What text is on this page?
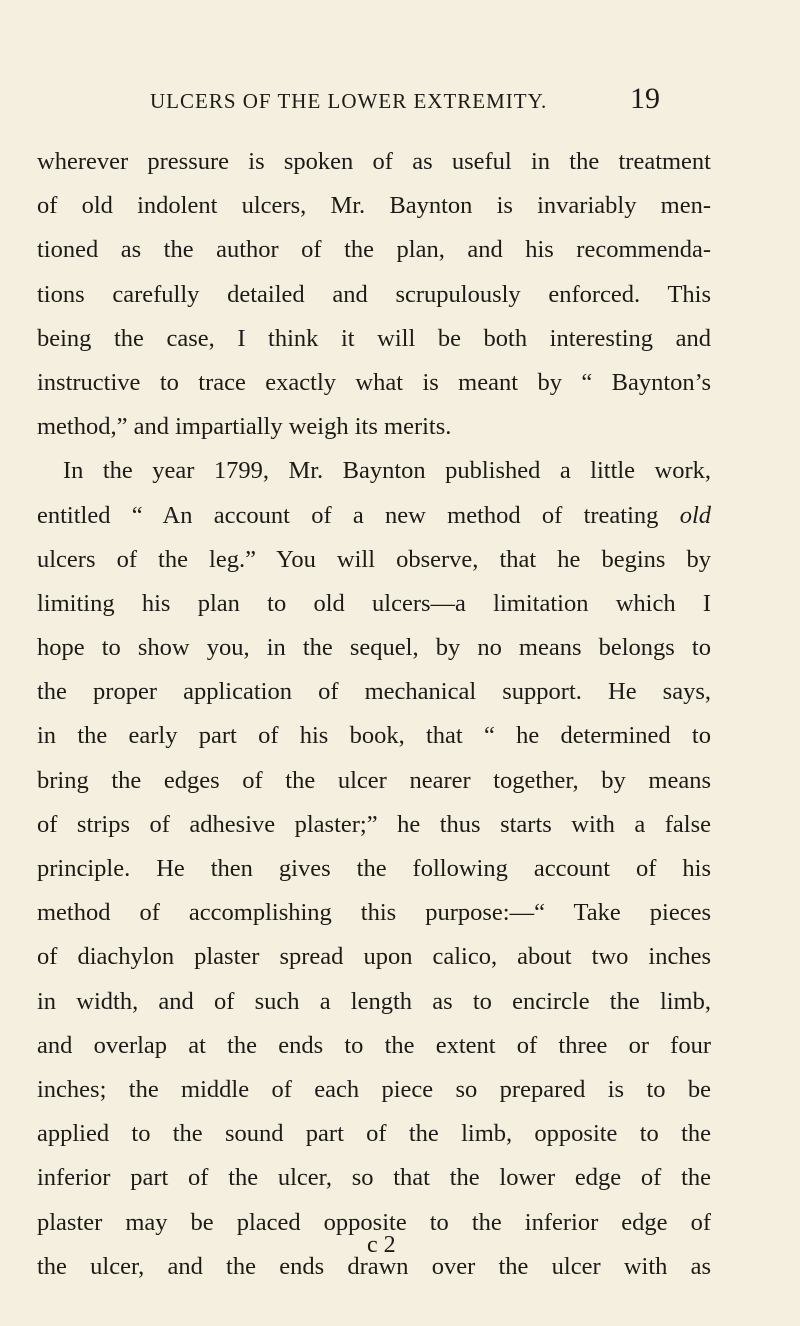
ULCERS OF THE LOWER EXTREMITY.	19
wherever pressure is spoken of as useful in the treatment
of old indolent ulcers, Mr. Baynton is invariably men-
tioned as the author of the plan, and his recommenda-
tions carefully detailed and scrupulously enforced. This
being the case, I think it will be both interesting and
instructive to trace exactly what is meant by “ Baynton’s
method,” and impartially weigh its merits.
In the year 1799, Mr. Baynton published a little work,
entitled “ An account of a new method of treating old
ulcers of the leg.” You will observe, that he begins by
limiting his plan to old ulcers—a limitation which I
hope to show you, in the sequel, by no means belongs to
the proper application of mechanical support. He says,
in the early part of his book, that “ he determined to
bring the edges of the ulcer nearer together, by means
of strips of adhesive plaster;” he thus starts with a false
principle. He then gives the following account of his
method of accomplishing this purpose:—“ Take pieces
of diachylon plaster spread upon calico, about two inches
in width, and of such a length as to encircle the limb,
and overlap at the ends to the extent of three or four
inches; the middle of each piece so prepared is to be
applied to the sound part of the limb, opposite to the
inferior part of the ulcer, so that the lower edge of the
plaster may be placed opposite to the inferior edge of
the ulcer, and the ends drawn over the ulcer with as
c 2
